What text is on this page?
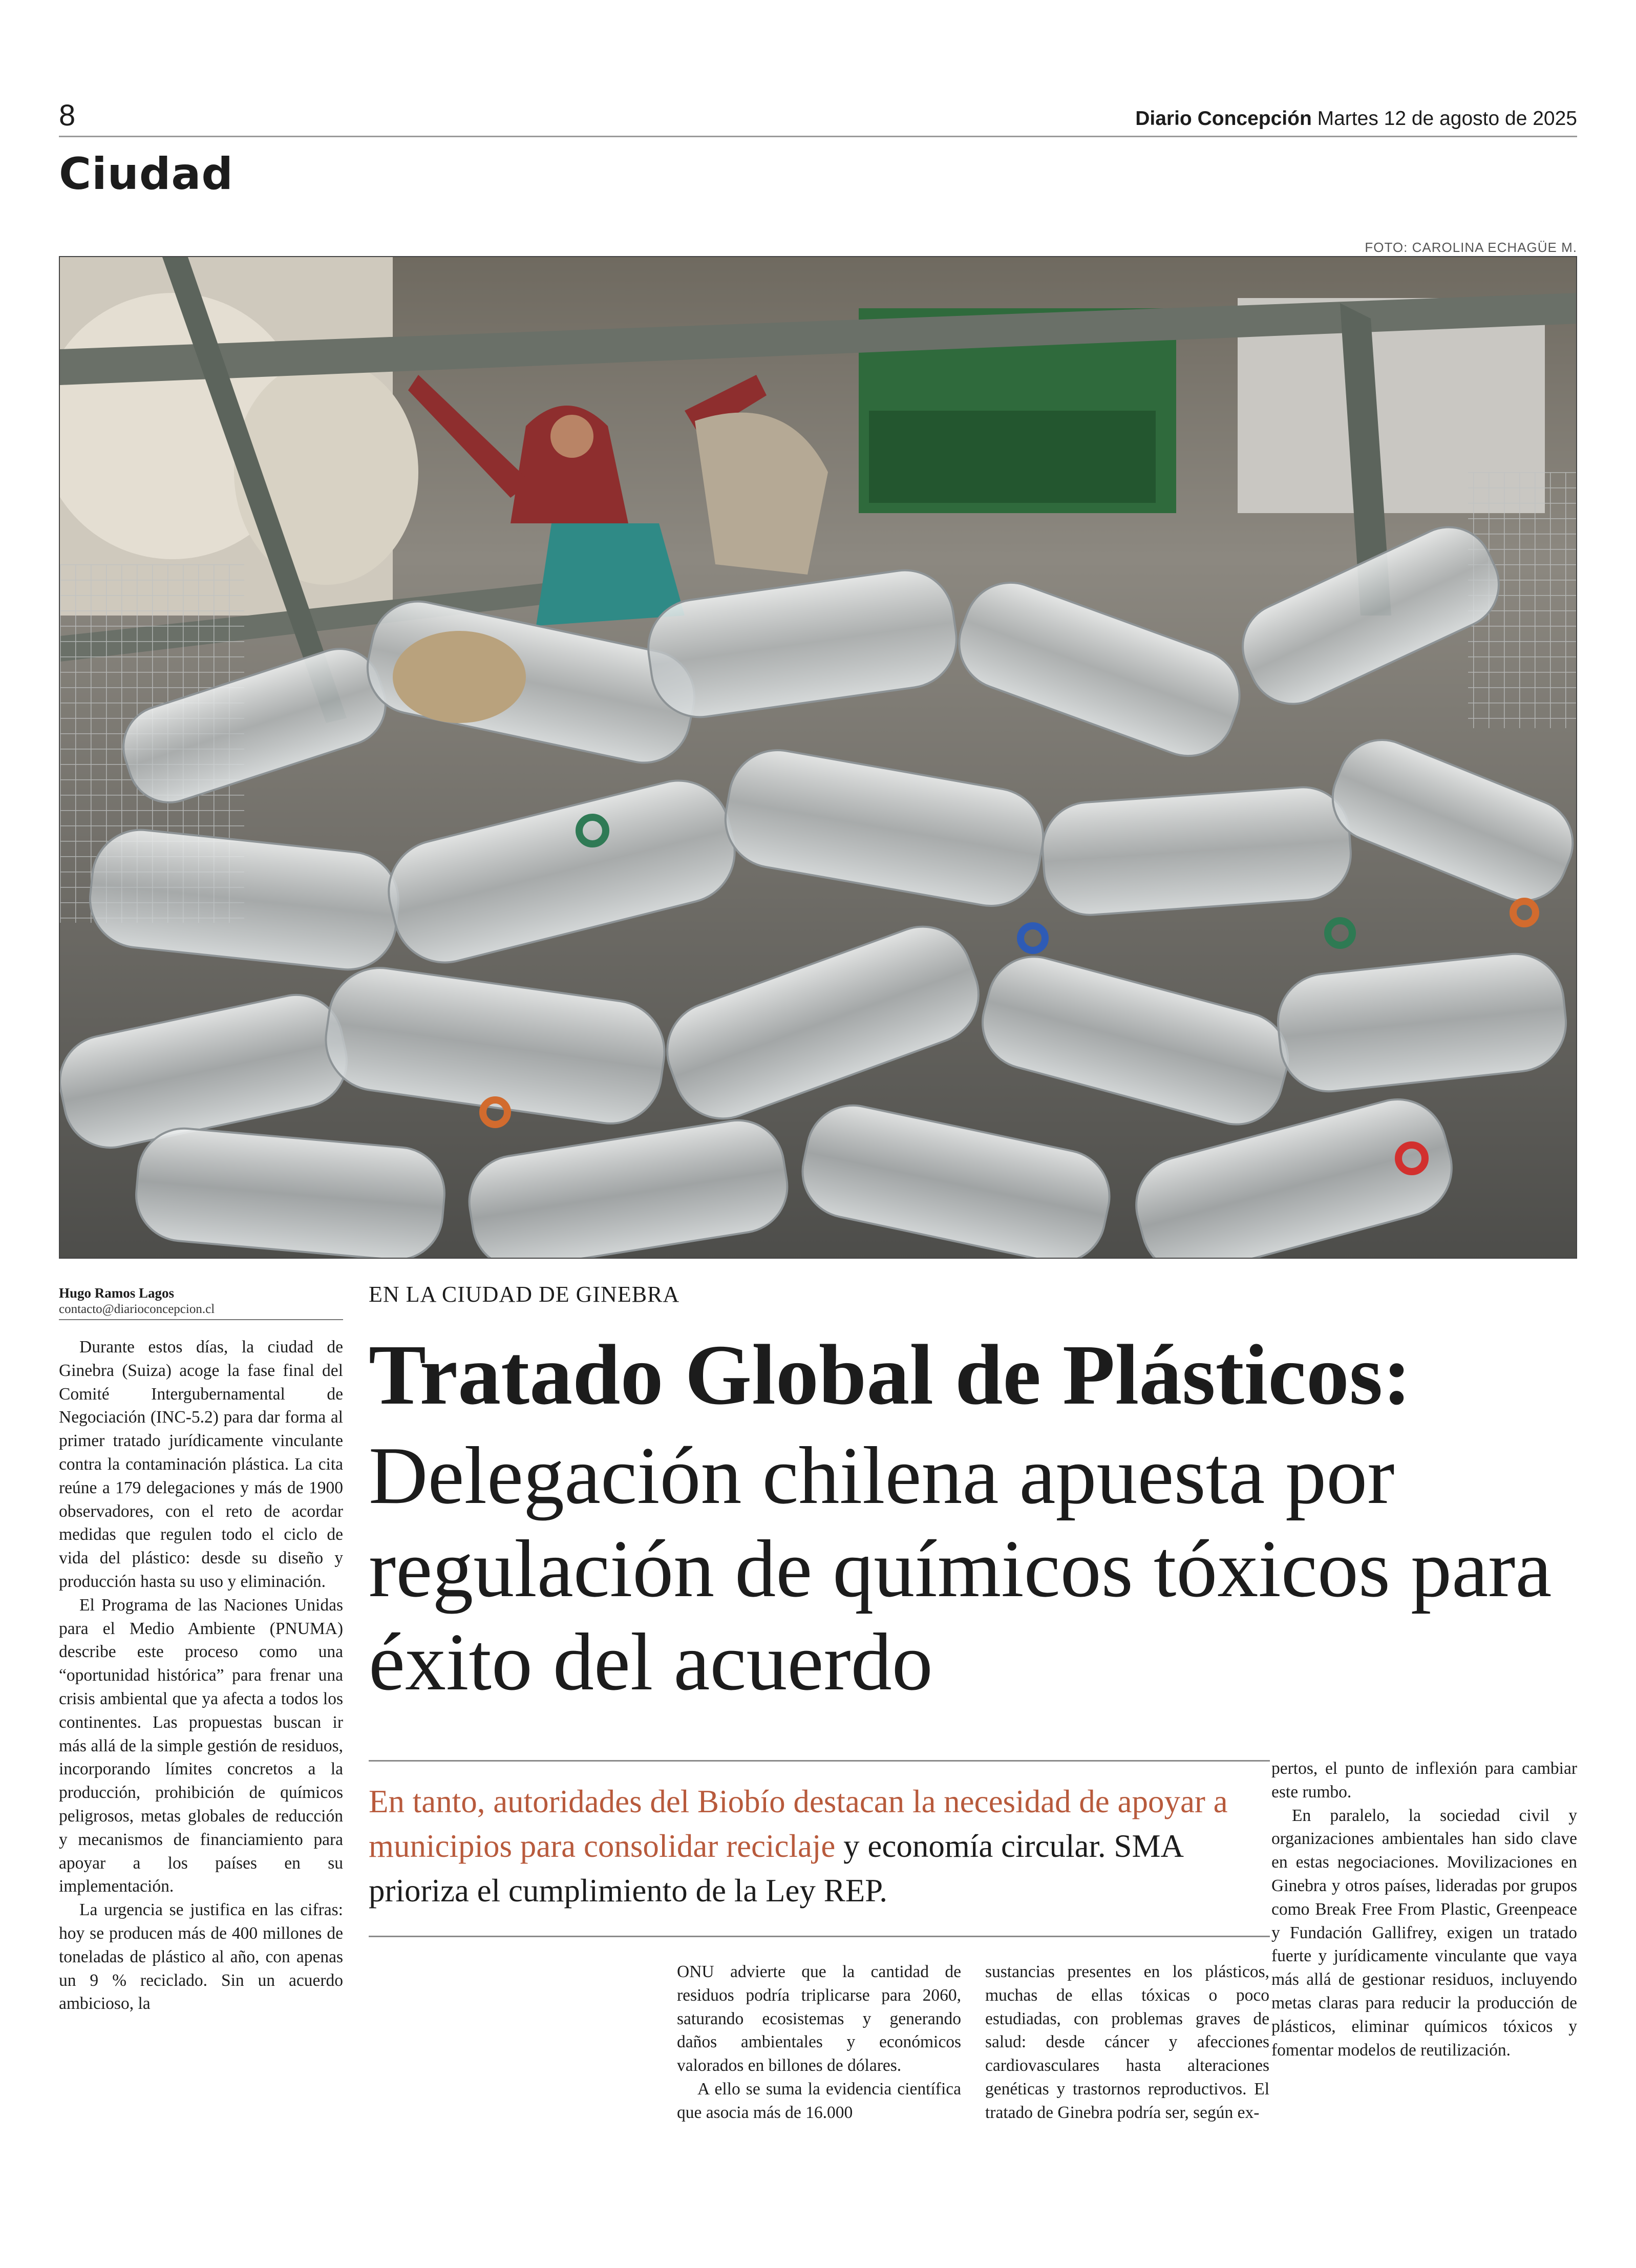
8	Diario Concepción Martes 12 de agosto de 2025
Ciudad
FOTO: CAROLINA ECHAGÜE M.
Hugo Ramos Lagos
contacto@diarioconcepcion.cl

Durante estos días, la ciudad de Ginebra (Suiza) acoge la fase final del Comité Intergubernamental de Negociación (INC-5.2) para dar forma al primer tratado jurídicamente vinculante contra la contaminación plástica. La cita reúne a 179 delegaciones y más de 1900 observadores, con el reto de acordar medidas que regulen todo el ciclo de vida del plástico: desde su diseño y producción hasta su uso y eliminación.

El Programa de las Naciones Unidas para el Medio Ambiente (PNUMA) describe este proceso como una “oportunidad histórica” para frenar una crisis ambiental que ya afecta a todos los continentes. Las propuestas buscan ir más allá de la simple gestión de residuos, incorporando límites concretos a la producción, prohibición de químicos peligrosos, metas globales de reducción y mecanismos de financiamiento para apoyar a los países en su implementación.

La urgencia se justifica en las cifras: hoy se producen más de 400 millones de toneladas de plástico al año, con apenas un 9 % reciclado. Sin un acuerdo ambicioso, la

EN LA CIUDAD DE GINEBRA
Tratado Global de Plásticos:
Delegación chilena apuesta por regulación de químicos tóxicos para éxito del acuerdo
En tanto, autoridades del Biobío destacan la necesidad de apoyar a municipios para consolidar reciclaje y economía circular. SMA prioriza el cumplimiento de la Ley REP.

ONU advierte que la cantidad de residuos podría triplicarse para 2060, saturando ecosistemas y generando daños ambientales y económicos valorados en billones de dólares.

A ello se suma la evidencia científica que asocia más de 16.000

sustancias presentes en los plásticos, muchas de ellas tóxicas o poco estudiadas, con problemas graves de salud: desde cáncer y afecciones cardiovasculares hasta alteraciones genéticas y trastornos reproductivos. El tratado de Ginebra podría ser, según ex-

pertos, el punto de inflexión para cambiar este rumbo.

En paralelo, la sociedad civil y organizaciones ambientales han sido clave en estas negociaciones. Movilizaciones en Ginebra y otros países, lideradas por grupos como Break Free From Plastic, Greenpeace y Fundación Gallifrey, exigen un tratado fuerte y jurídicamente vinculante que vaya más allá de gestionar residuos, incluyendo metas claras para reducir la producción de plásticos, eliminar químicos tóxicos y fomentar modelos de reutilización.
